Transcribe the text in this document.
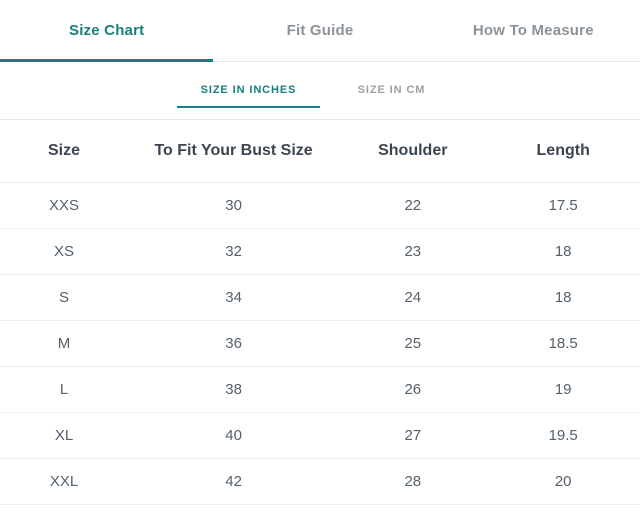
Size Chart	Fit Guide	How To Measure
SIZE IN INCHES	SIZE IN CM
Size	To Fit Your Bust Size	Shoulder	Length
XXS	30	22	17.5
XS	32	23	18
S	34	24	18
M	36	25	18.5
L	38	26	19
XL	40	27	19.5
XXL	42	28	20
